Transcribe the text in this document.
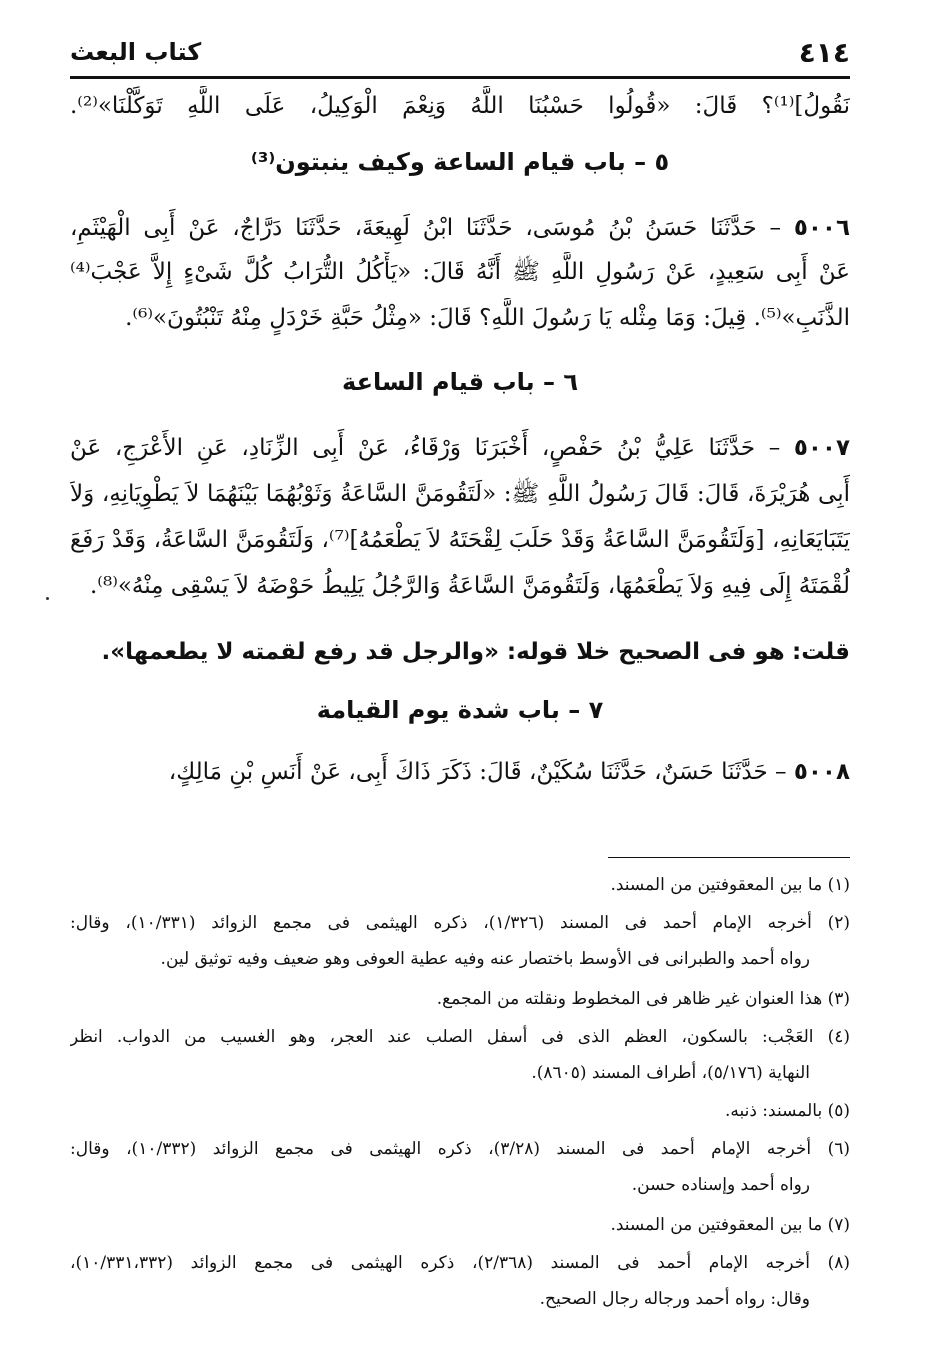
٤١٤
كتاب البعث
نَقُولُ]⁽¹⁾؟ قَالَ: «قُولُوا حَسْبُنَا اللَّهُ وَنِعْمَ الْوَكِيلُ، عَلَى اللَّهِ تَوَكَّلْنَا»⁽²⁾.
٥ – باب قيام الساعة وكيف ينبتون⁽³⁾
٥٠٠٦ – حَدَّثَنَا حَسَنُ بْنُ مُوسَى، حَدَّثَنَا ابْنُ لَهِيعَةَ، حَدَّثَنَا دَرَّاجٌ، عَنْ أَبِى الْهَيْثَمِ،
عَنْ أَبِى سَعِيدٍ، عَنْ رَسُولِ اللَّهِ ﷺ أَنَّهُ قَالَ: «يَأْكُلُ التُّرَابُ كُلَّ شَىْءٍ إِلاَّ عَجْبَ⁽⁴⁾
الذَّنَبِ»⁽⁵⁾. قِيلَ: وَمَا مِثْله يَا رَسُولَ اللَّهِ؟ قَالَ: «مِثْلُ حَبَّةِ خَرْدَلٍ مِنْهُ تَنْبُتُونَ»⁽⁶⁾.
٦ – باب قيام الساعة
٥٠٠٧ – حَدَّثَنَا عَلِيُّ بْنُ حَفْصٍ، أَخْبَرَنَا وَرْقَاءُ، عَنْ أَبِى الزِّنَادِ، عَنِ الأَعْرَجِ، عَنْ
أَبِى هُرَيْرَةَ، قَالَ: قَالَ رَسُولُ اللَّهِ ﷺ: «لَتَقُومَنَّ السَّاعَةُ وَثَوْبُهُمَا بَيْنَهُمَا لاَ يَطْوِيَانِهِ، وَلاَ
يَتَبَايَعَانِهِ، [وَلَتَقُومَنَّ السَّاعَةُ وَقَدْ حَلَبَ لِقْحَتَهُ لاَ يَطْعَمُهُ]⁽⁷⁾، وَلَتَقُومَنَّ السَّاعَةُ، وَقَدْ رَفَعَ
لُقْمَتَهُ إِلَى فِيهِ وَلاَ يَطْعَمُهَا، وَلَتَقُومَنَّ السَّاعَةُ وَالرَّجُلُ يَلِيطُ حَوْضَهُ لاَ يَسْقِى مِنْهُ»⁽⁸⁾.
قلت: هو فى الصحيح خلا قوله: «والرجل قد رفع لقمته لا يطعمها».
٧ – باب شدة يوم القيامة
٥٠٠٨ – حَدَّثَنَا حَسَنٌ، حَدَّثَنَا سُكَيْنٌ، قَالَ: ذَكَرَ ذَاكَ أَبِى، عَنْ أَنَسِ بْنِ مَالِكٍ،
(١) ما بين المعقوفتين من المسند.
(٢) أخرجه الإمام أحمد فى المسند (١/٣٢٦)، ذكره الهيثمى فى مجمع الزوائد (١٠/٣٣١)، وقال:
رواه أحمد والطبرانى فى الأوسط باختصار عنه وفيه عطية العوفى وهو ضعيف وفيه توثيق لين.
(٣) هذا العنوان غير ظاهر فى المخطوط ونقلته من المجمع.
(٤) العَجْب: بالسكون، العظم الذى فى أسفل الصلب عند العجر، وهو الغسيب من الدواب. انظر
النهاية (٥/١٧٦)، أطراف المسند (٨٦٠٥).
(٥) بالمسند: ذنبه.
(٦) أخرجه الإمام أحمد فى المسند (٣/٢٨)، ذكره الهيثمى فى مجمع الزوائد (١٠/٣٣٢)، وقال:
رواه أحمد وإسناده حسن.
(٧) ما بين المعقوفتين من المسند.
(٨) أخرجه الإمام أحمد فى المسند (٢/٣٦٨)، ذكره الهيثمى فى مجمع الزوائد (١٠/٣٣١،٣٣٢)،
وقال: رواه أحمد ورجاله رجال الصحيح.
